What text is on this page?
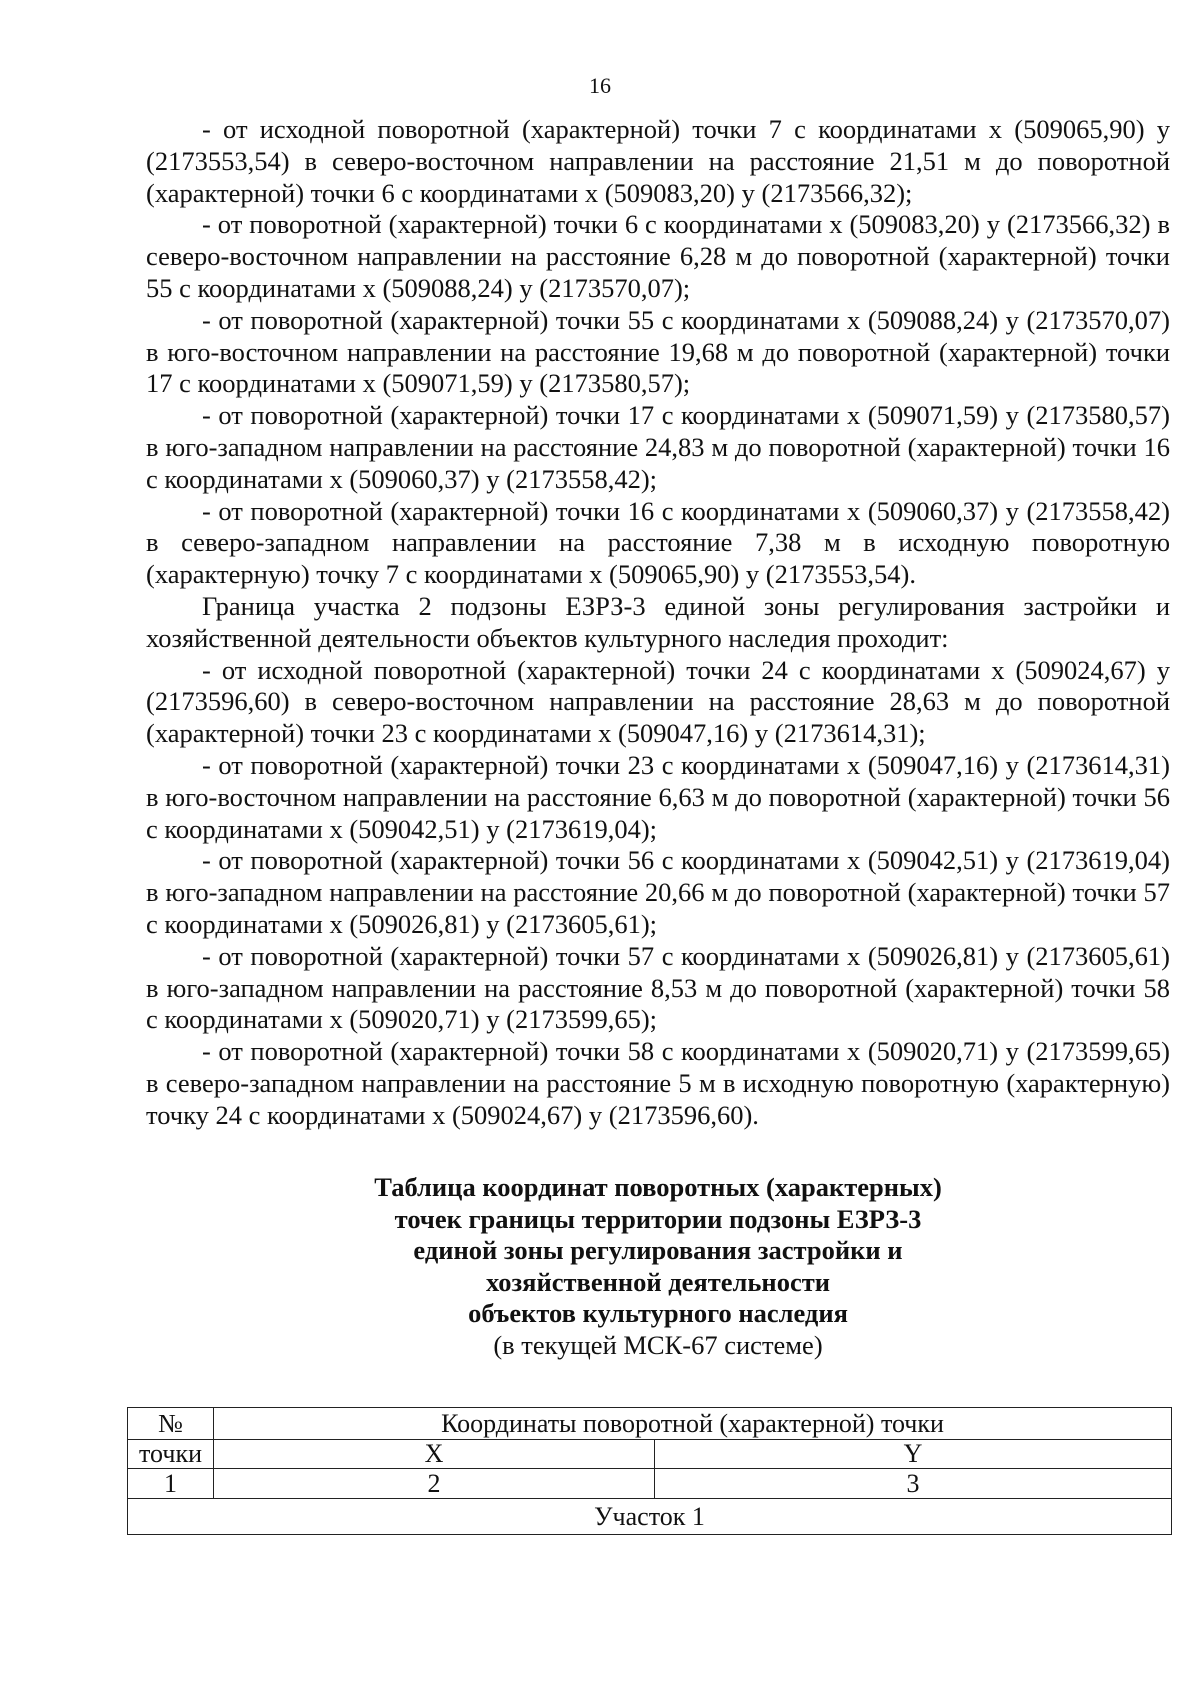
16

- от исходной поворотной (характерной) точки 7 с координатами х (509065,90) у (2173553,54) в северо-восточном направлении на расстояние 21,51 м до поворотной (характерной) точки 6 с координатами х (509083,20) у (2173566,32);

- от поворотной (характерной) точки 6 с координатами х (509083,20) у (2173566,32) в северо-восточном направлении на расстояние 6,28 м до поворотной (характерной) точки 55 с координатами х (509088,24) у (2173570,07);

- от поворотной (характерной) точки 55 с координатами х (509088,24) у (2173570,07) в юго-восточном направлении на расстояние 19,68 м до поворотной (характерной) точки 17 с координатами х (509071,59) у (2173580,57);

- от поворотной (характерной) точки 17 с координатами х (509071,59) у (2173580,57) в юго-западном направлении на расстояние 24,83 м до поворотной (характерной) точки 16 с координатами х (509060,37) у (2173558,42);

- от поворотной (характерной) точки 16 с координатами х (509060,37) у (2173558,42) в северо-западном направлении на расстояние 7,38 м в исходную поворотную (характерную) точку 7 с координатами х (509065,90) у (2173553,54).

Граница участка 2 подзоны ЕЗРЗ-3 единой зоны регулирования застройки и хозяйственной деятельности объектов культурного наследия проходит:

- от исходной поворотной (характерной) точки 24 с координатами х (509024,67) у (2173596,60) в северо-восточном направлении на расстояние 28,63 м до поворотной (характерной) точки 23 с координатами х (509047,16) у (2173614,31);

- от поворотной (характерной) точки 23 с координатами х (509047,16) у (2173614,31) в юго-восточном направлении на расстояние 6,63 м до поворотной (характерной) точки 56 с координатами х (509042,51) у (2173619,04);

- от поворотной (характерной) точки 56 с координатами х (509042,51) у (2173619,04) в юго-западном направлении на расстояние 20,66 м до поворотной (характерной) точки 57 с координатами х (509026,81) у (2173605,61);

- от поворотной (характерной) точки 57 с координатами х (509026,81) у (2173605,61) в юго-западном направлении на расстояние 8,53 м до поворотной (характерной) точки 58 с координатами х (509020,71) у (2173599,65);

- от поворотной (характерной) точки 58 с координатами х (509020,71) у (2173599,65) в северо-западном направлении на расстояние 5 м в исходную поворотную (характерную) точку 24 с координатами х (509024,67) у (2173596,60).

Таблица координат поворотных (характерных)
точек границы территории подзоны ЕЗРЗ-3
единой зоны регулирования застройки и
хозяйственной деятельности
объектов культурного наследия
(в текущей МСК-67 системе)
№	Координаты поворотной (характерной) точки	
точки	X	Y
1	2	3
Участок 1		
